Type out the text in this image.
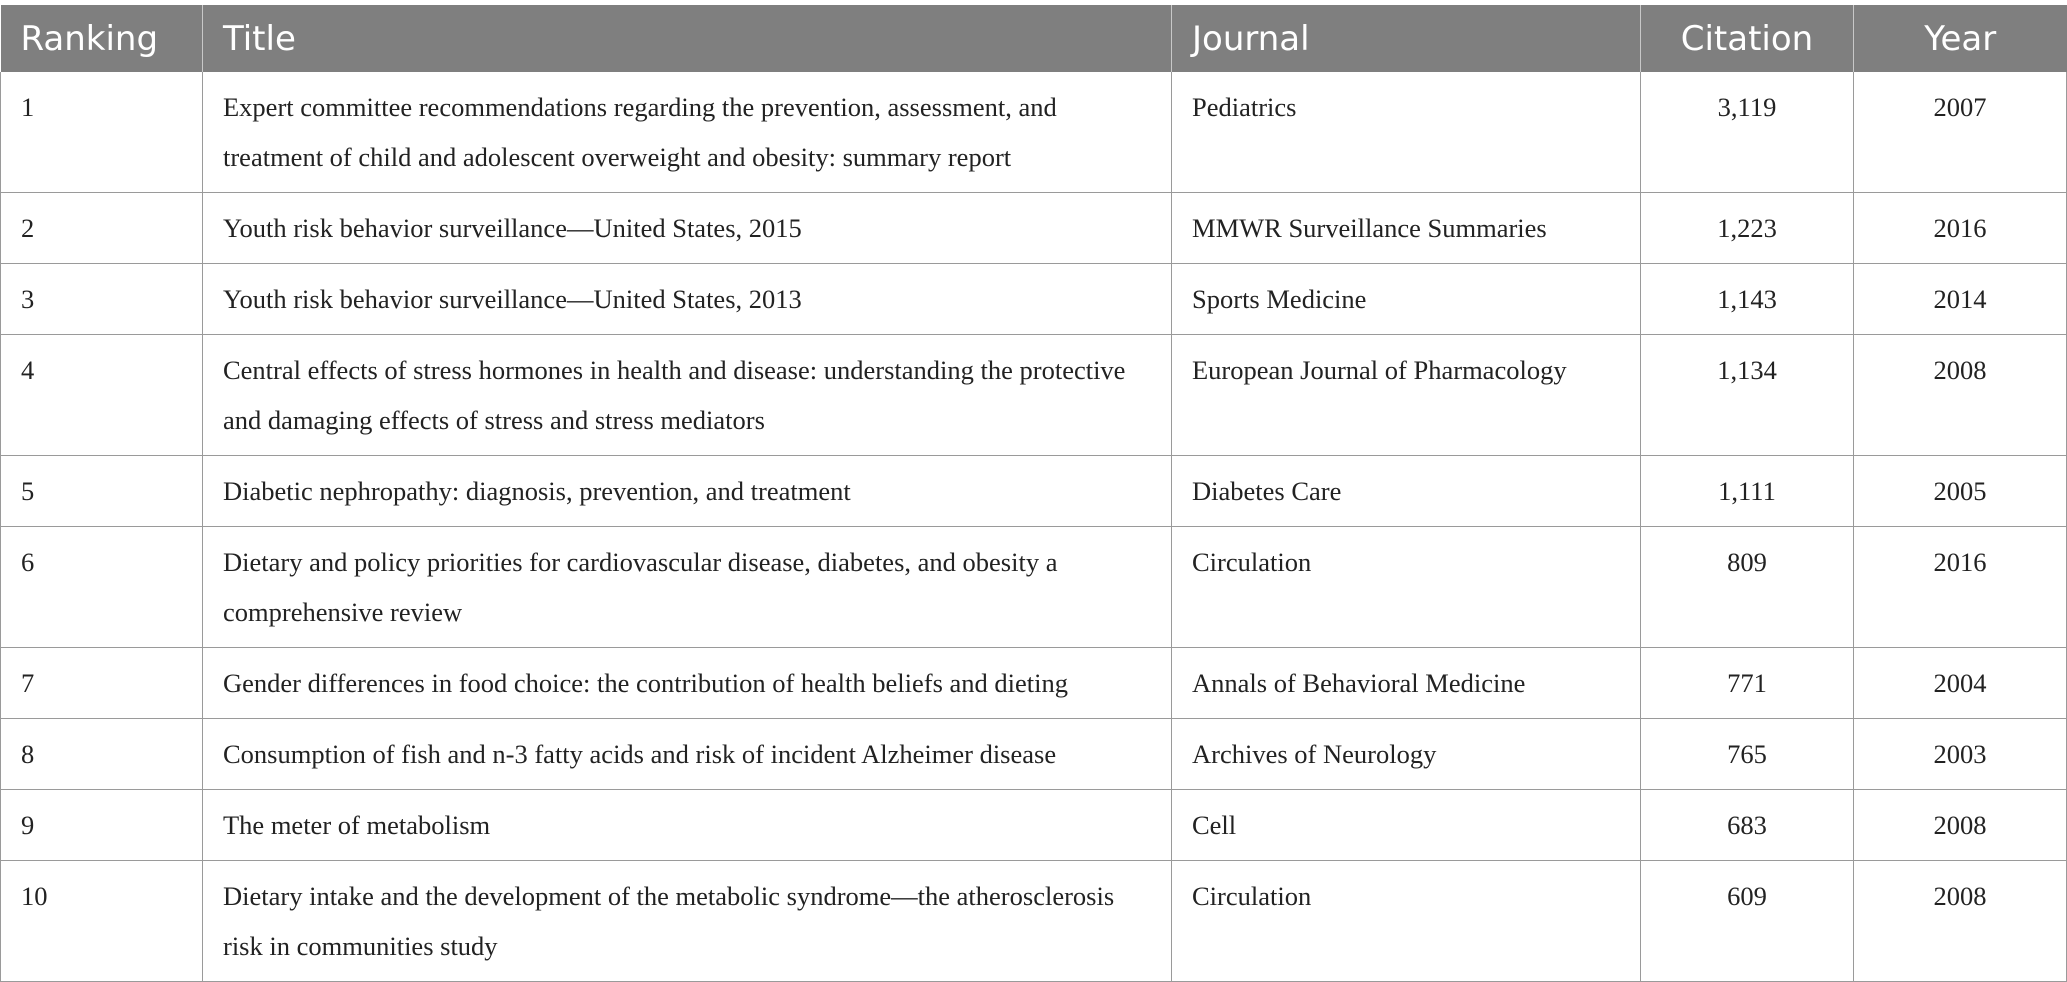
Ranking	Title	Journal	Citation	Year
1	Expert committee recommendations regarding the prevention, assessment, and treatment of child and adolescent overweight and obesity: summary report	Pediatrics	3,119	2007
2	Youth risk behavior surveillance—United States, 2015	MMWR Surveillance Summaries	1,223	2016
3	Youth risk behavior surveillance—United States, 2013	Sports Medicine	1,143	2014
4	Central effects of stress hormones in health and disease: understanding the protective and damaging effects of stress and stress mediators	European Journal of Pharmacology	1,134	2008
5	Diabetic nephropathy: diagnosis, prevention, and treatment	Diabetes Care	1,111	2005
6	Dietary and policy priorities for cardiovascular disease, diabetes, and obesity a comprehensive review	Circulation	809	2016
7	Gender differences in food choice: the contribution of health beliefs and dieting	Annals of Behavioral Medicine	771	2004
8	Consumption of fish and n-3 fatty acids and risk of incident Alzheimer disease	Archives of Neurology	765	2003
9	The meter of metabolism	Cell	683	2008
10	Dietary intake and the development of the metabolic syndrome—the atherosclerosis risk in communities study	Circulation	609	2008
